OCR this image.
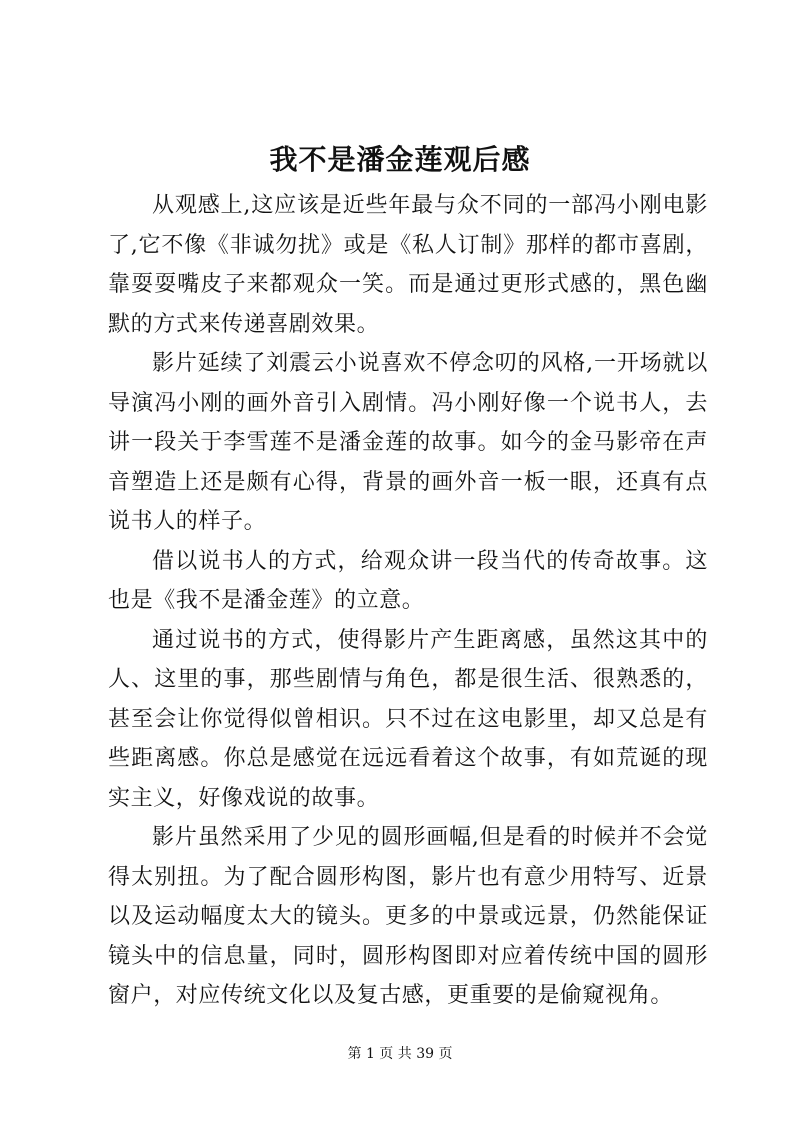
我不是潘金莲观后感

从观感上,这应该是近些年最与众不同的一部冯小刚电影了,它不像《非诚勿扰》或是《私人订制》那样的都市喜剧，靠耍耍嘴皮子来都观众一笑。而是通过更形式感的，黑色幽默的方式来传递喜剧效果。

影片延续了刘震云小说喜欢不停念叨的风格,一开场就以导演冯小刚的画外音引入剧情。冯小刚好像一个说书人，去讲一段关于李雪莲不是潘金莲的故事。如今的金马影帝在声音塑造上还是颇有心得，背景的画外音一板一眼，还真有点说书人的样子。

借以说书人的方式，给观众讲一段当代的传奇故事。这也是《我不是潘金莲》的立意。

通过说书的方式，使得影片产生距离感，虽然这其中的人、这里的事，那些剧情与角色，都是很生活、很熟悉的，甚至会让你觉得似曾相识。只不过在这电影里，却又总是有些距离感。你总是感觉在远远看着这个故事，有如荒诞的现实主义，好像戏说的故事。

影片虽然采用了少见的圆形画幅,但是看的时候并不会觉得太别扭。为了配合圆形构图，影片也有意少用特写、近景以及运动幅度太大的镜头。更多的中景或远景，仍然能保证镜头中的信息量，同时，圆形构图即对应着传统中国的圆形窗户，对应传统文化以及复古感，更重要的是偷窥视角。

第 1 页 共 39 页
